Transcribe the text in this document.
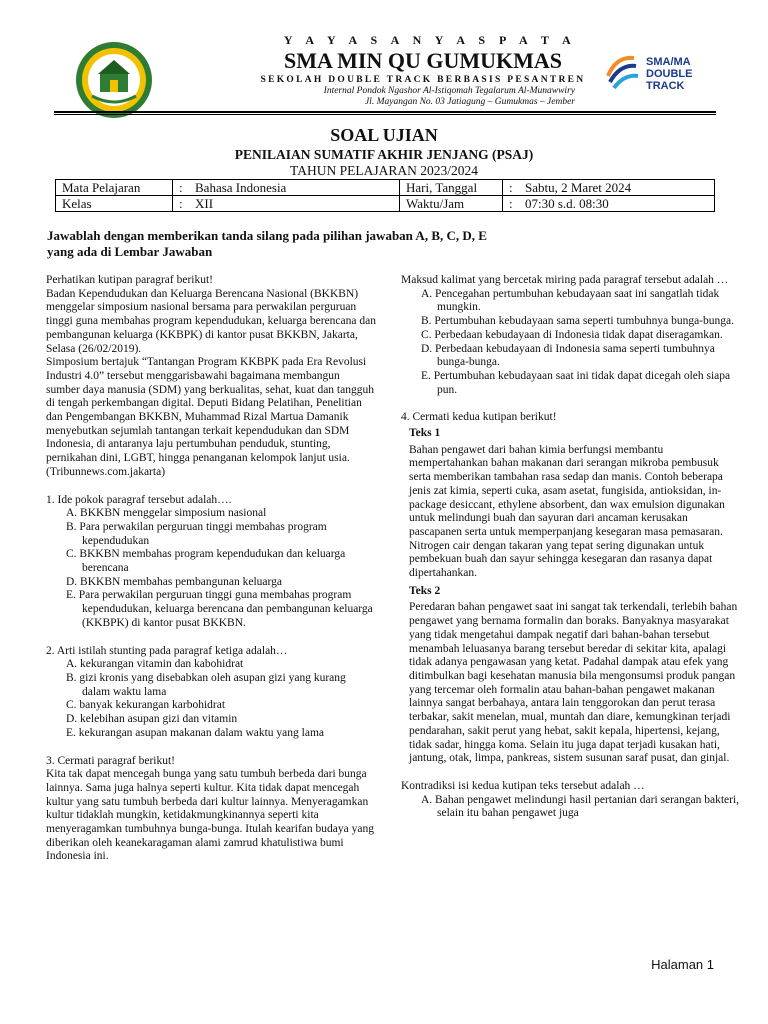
SMA/MA
DOUBLE
TRACK
Y A Y A S A N Y A S P A T A
SMA MIN QU GUMUKMAS
SEKOLAH DOUBLE TRACK BERBASIS PESANTREN
Internal Pondok Ngashor Al-Istiqomah Tegalarum Al-Munawwiry
Jl. Mayangan No. 03 Jatiagung – Gumukmas – Jember
SOAL UJIAN
PENILAIAN SUMATIF AKHIR JENJANG (PSAJ)
TAHUN PELAJARAN 2023/2024
Mata Pelajaran	:	Bahasa Indonesia	Hari, Tanggal	:	Sabtu, 2 Maret 2024
Kelas	:	XII	Waktu/Jam	:	07:30 s.d. 08:30
Jawablah dengan memberikan tanda silang pada pilihan jawaban A, B, C, D, E
yang ada di Lembar Jawaban

Perhatikan kutipan paragraf berikut!

Badan Kependudukan dan Keluarga Berencana Nasional (BKKBN) menggelar simposium nasional bersama para perwakilan perguruan tinggi guna membahas program kependudukan, keluarga berencana dan pembangunan keluarga (KKBPK) di kantor pusat BKKBN, Jakarta, Selasa (26/02/2019).

Simposium bertajuk “Tantangan Program KKBPK pada Era Revolusi Industri 4.0” tersebut menggarisbawahi bagaimana membangun sumber daya manusia (SDM) yang berkualitas, sehat, kuat dan tangguh di tengah perkembangan digital. Deputi Bidang Pelatihan, Penelitian dan Pengembangan BKKBN, Muhammad Rizal Martua Damanik menyebutkan sejumlah tantangan terkait kependudukan dan SDM Indonesia, di antaranya laju pertumbuhan penduduk, stunting, pernikahan dini, LGBT, hingga penanganan kelompok lanjut usia.

(Tribunnews.com.jakarta)

1. Ide pokok paragraf tersebut adalah….

A. BKKBN menggelar simposium nasional

B. Para perwakilan perguruan tinggi membahas program kependudukan

C. BKKBN membahas program kependudukan dan keluarga berencana

D. BKKBN membahas pembangunan keluarga

E. Para perwakilan perguruan tinggi guna membahas program kependudukan, keluarga berencana dan pembangunan keluarga (KKBPK) di kantor pusat BKKBN.

2. Arti istilah stunting pada paragraf ketiga adalah…

A. kekurangan vitamin dan kabohidrat

B. gizi kronis yang disebabkan oleh asupan gizi yang kurang dalam waktu lama

C. banyak kekurangan karbohidrat

D. kelebihan asupan gizi dan vitamin

E. kekurangan asupan makanan dalam waktu yang lama

3. Cermati paragraf berikut!

Kita tak dapat mencegah bunga yang satu tumbuh berbeda dari bunga lainnya. Sama juga halnya seperti kultur. Kita tidak dapat mencegah kultur yang satu tumbuh berbeda dari kultur lainnya. Menyeragamkan kultur tidaklah mungkin, ketidakmungkinannya seperti kita menyeragamkan tumbuhnya bunga-bunga. Itulah kearifan budaya yang diberikan oleh keanekaragaman alami zamrud khatulistiwa bumi Indonesia ini.

Maksud kalimat yang bercetak miring pada paragraf tersebut adalah …

A. Pencegahan pertumbuhan kebudayaan saat ini sangatlah tidak mungkin.

B. Pertumbuhan kebudayaan sama seperti tumbuhnya bunga-bunga.

C. Perbedaan kebudayaan di Indonesia tidak dapat diseragamkan.

D. Perbedaan kebudayaan di Indonesia sama seperti tumbuhnya bunga-bunga.

E. Pertumbuhan kebudayaan saat ini tidak dapat dicegah oleh siapa pun.

4. Cermati kedua kutipan berikut!

Teks 1

Bahan pengawet dari bahan kimia berfungsi membantu mempertahankan bahan makanan dari serangan mikroba pembusuk serta memberikan tambahan rasa sedap dan manis. Contoh beberapa jenis zat kimia, seperti cuka, asam asetat, fungisida, antioksidan, in-package desiccant, ethylene absorbent, dan wax emulsion digunakan untuk melindungi buah dan sayuran dari ancaman kerusakan pascapanen serta untuk memperpanjang kesegaran masa pemasaran. Nitrogen cair dengan takaran yang tepat sering digunakan untuk pembekuan buah dan sayur sehingga kesegaran dan rasanya dapat dipertahankan.

Teks 2

Peredaran bahan pengawet saat ini sangat tak terkendali, terlebih bahan pengawet yang bernama formalin dan boraks. Banyaknya masyarakat yang tidak mengetahui dampak negatif dari bahan-bahan tersebut menambah leluasanya barang tersebut beredar di sekitar kita, apalagi tidak adanya pengawasan yang ketat. Padahal dampak atau efek yang ditimbulkan bagi kesehatan manusia bila mengonsumsi produk pangan yang tercemar oleh formalin atau bahan-bahan pengawet makanan lainnya sangat berbahaya, antara lain tenggorokan dan perut terasa terbakar, sakit menelan, mual, muntah dan diare, kemungkinan terjadi pendarahan, sakit perut yang hebat, sakit kepala, hipertensi, kejang, tidak sadar, hingga koma. Selain itu juga dapat terjadi kusakan hati, jantung, otak, limpa, pankreas, sistem susunan saraf pusat, dan ginjal.

Kontradiksi isi kedua kutipan teks tersebut adalah …

A. Bahan pengawet melindungi hasil pertanian dari serangan bakteri, selain itu bahan pengawet juga

Halaman 1
